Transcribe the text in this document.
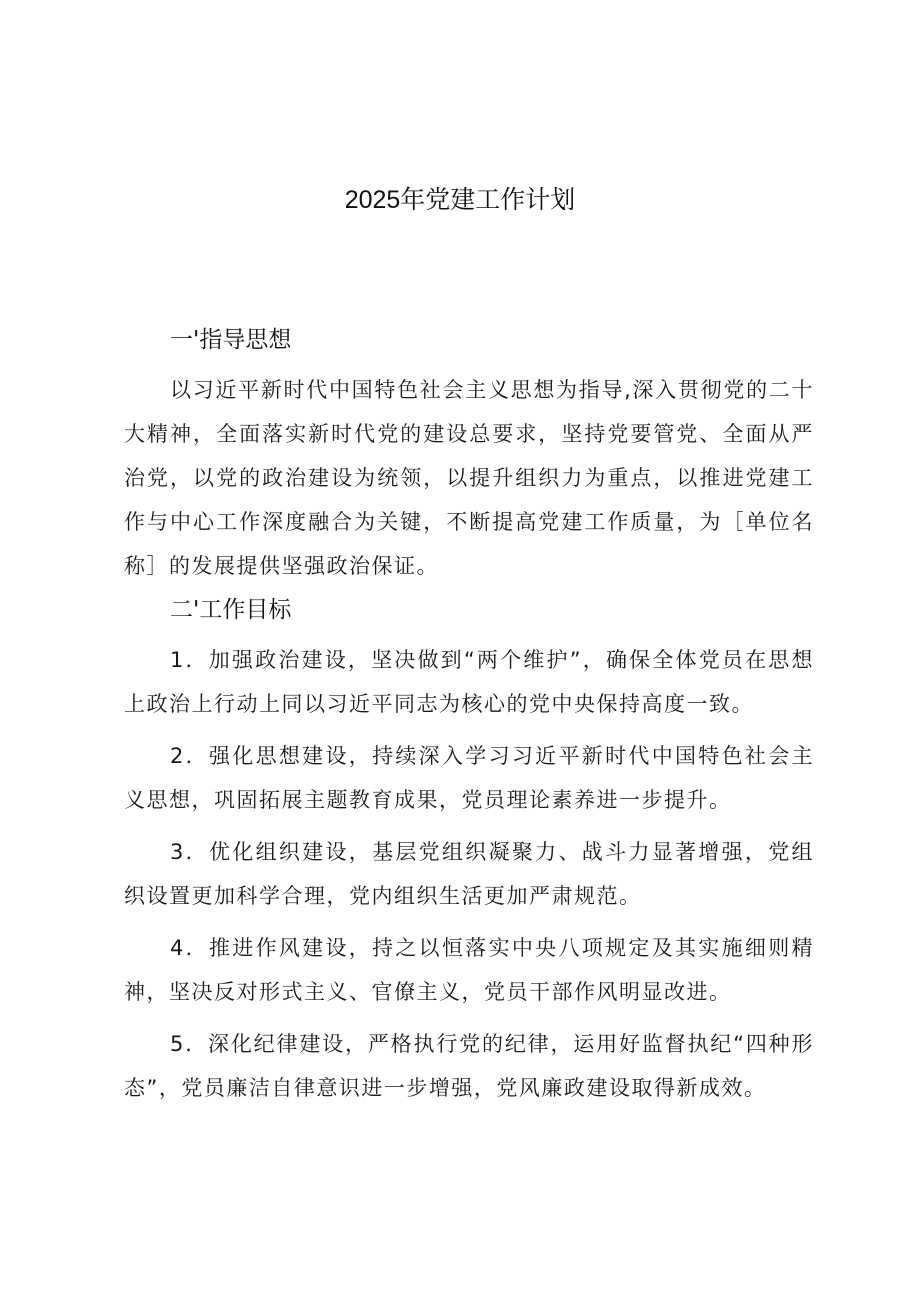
2025年党建工作计划
一'指导思想

以习近平新时代中国特色社会主义思想为指导,深入贯彻党的二十大精神，全面落实新时代党的建设总要求，坚持党要管党、全面从严治党，以党的政治建设为统领，以提升组织力为重点，以推进党建工作与中心工作深度融合为关键，不断提高党建工作质量，为［单位名称］的发展提供坚强政治保证。

二'工作目标

1．加强政治建设，坚决做到“两个维护”，确保全体党员在思想上政治上行动上同以习近平同志为核心的党中央保持高度一致。

2．强化思想建设，持续深入学习习近平新时代中国特色社会主义思想，巩固拓展主题教育成果，党员理论素养进一步提升。

3．优化组织建设，基层党组织凝聚力、战斗力显著增强，党组织设置更加科学合理，党内组织生活更加严肃规范。

4．推进作风建设，持之以恒落实中央八项规定及其实施细则精神，坚决反对形式主义、官僚主义，党员干部作风明显改进。

5．深化纪律建设，严格执行党的纪律，运用好监督执纪“四种形态”，党员廉洁自律意识进一步增强，党风廉政建设取得新成效。
